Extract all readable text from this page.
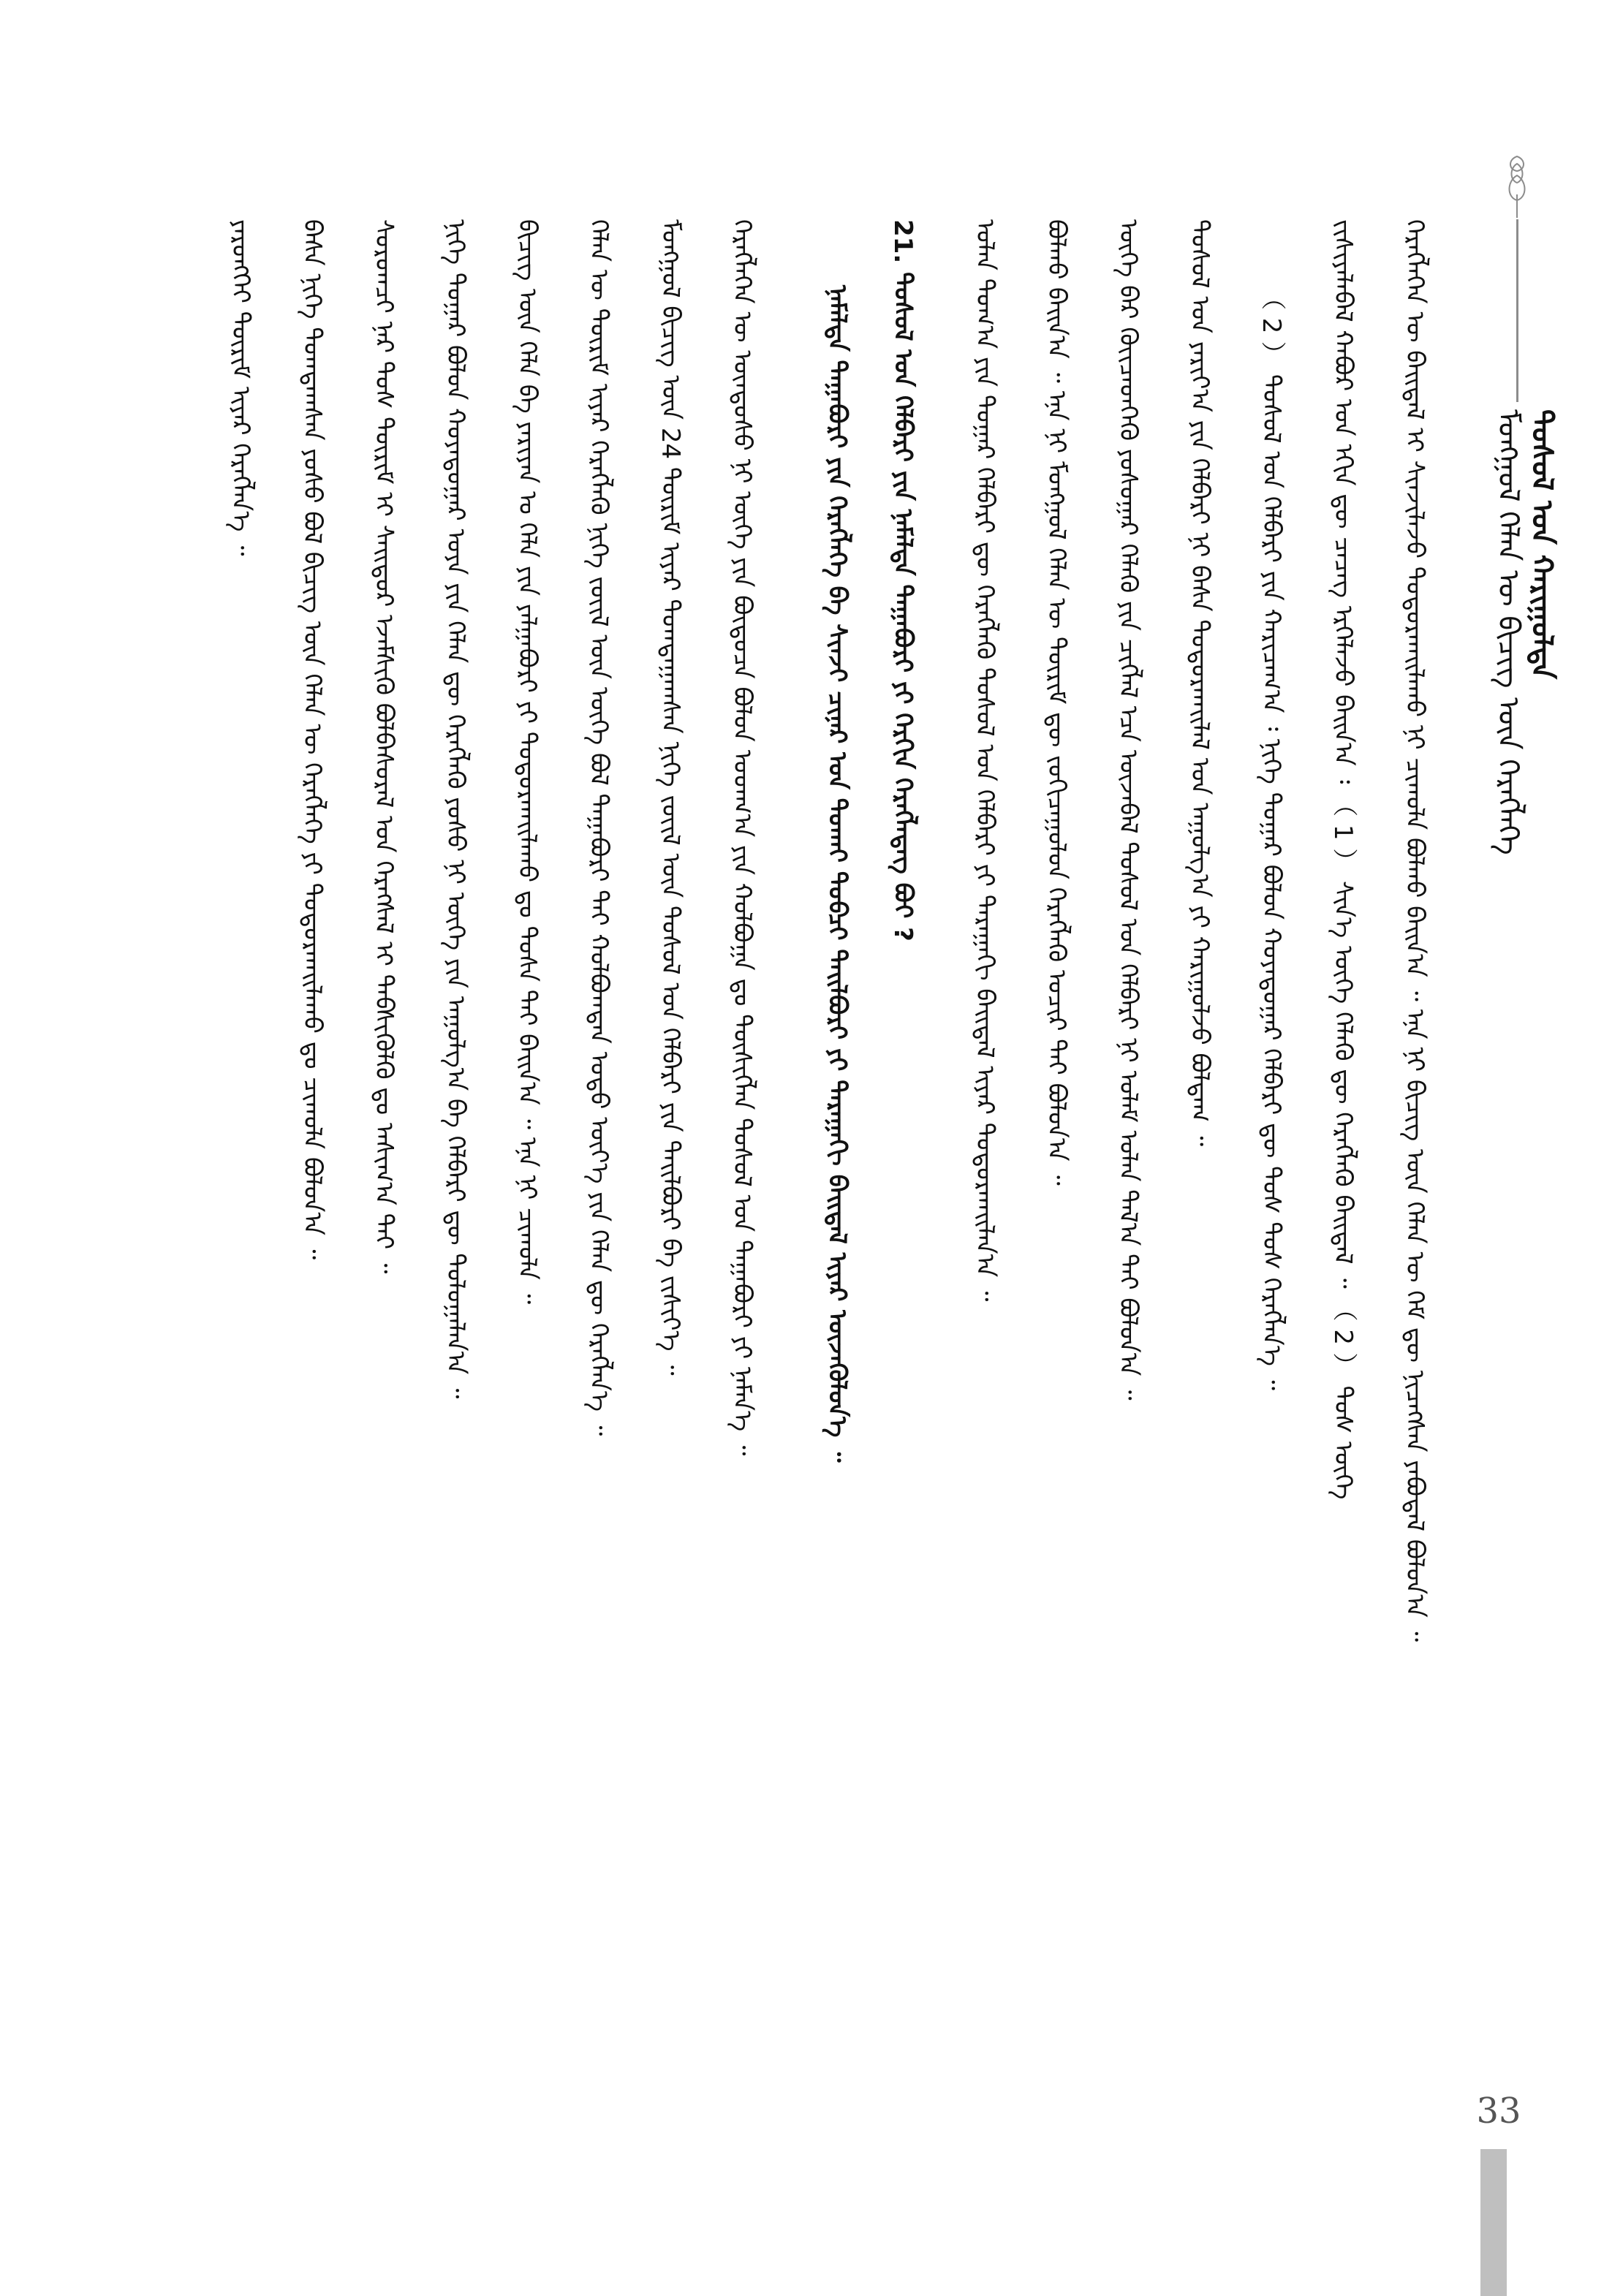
ᠮᠣᠩᠭᠣᠯ ᠬᠡᠯᠡᠨ ᠦ ᠪᠢᠴᠢᠭ ᠦᠨ ᠬᠡᠷᠡᠭᠯᠡᠭᠡ ᠳᠤᠰᠤᠯ ᠤᠨ ᠬᠠᠷᠢᠭᠤᠯᠲᠠ
ᠬᠡᠷᠡᠭᠯᠡᠭᠡᠨ ᠦ ᠪᠠᠢᠳᠠᠯ ᠢ ᠰᠢᠨᠵᠢᠯᠡᠵᠦ ᠲᠣᠳᠣᠷᠬᠠᠢᠯᠠᠬᠤ ᠨᠢ ᠴᠢᠬᠤᠯᠠ ᠪᠣᠯᠬᠤ ᠪᠠᠢᠨ᠎ᠠ ᠃ ᠡᠨᠡ ᠨᠢ ᠪᠢᠴᠢᠭ ᠦᠨ ᠬᠡᠯᠡᠨ ᠦ ᠬᠡᠮ ᠳᠦ ᠨᠢᠴᠡᠭᠰᠡᠨ ᠶᠠᠪᠤᠳᠠᠯ ᠪᠣᠯᠤᠨ᠎ᠠ ᠃
ᠵᠢᠱᠢᠶᠡᠯᠡᠪᠡᠯ ᠬᠠᠪᠤᠷ ᠤᠨ ᠡᠬᠢᠨ ᠳᠦ ᠴᠡᠴᠡᠭ ᠡᠷᠬᠡᠯᠡᠵᠦ ᠪᠠᠢᠨ᠎ᠠ ᠄ （ 1 ） ᠰᠢᠨ᠎ᠡ ᠦᠭᠡ ᠬᠡᠯᠡᠬᠦ ᠳᠦ ᠬᠡᠷᠡᠭᠯᠡᠬᠦ ᠪᠠᠢᠳᠠᠯ ᠃ （ 2 ） ᠲᠤᠰ ᠦᠭᠡ
（ 2 ） ᠳᠤᠰᠤᠯ ᠤᠨ ᠬᠡᠯᠪᠡᠷᠢ ᠶᠢᠨ ᠬᠠᠷᠢᠴᠠᠭ᠎ᠠ ᠄ ᠨᠢᠭᠡ ᠳᠤᠭᠠᠷ ᠪᠣᠯᠤᠨ ᠬᠣᠶᠠᠳᠤᠭᠠᠷ ᠬᠡᠯᠪᠡᠷᠢ ᠳᠦ ᠲᠤᠰ ᠲᠤᠰ ᠬᠡᠷᠡᠭᠯᠡᠨ᠎ᠡ ᠃
ᠳᠤᠰᠤᠯ ᠤᠨ ᠶᠠᠷᠢᠶ᠎ᠠ ᠶᠢᠨ ᠬᠡᠯᠪᠡᠷᠢ ᠨᠢ ᠪᠠᠰᠠ ᠲᠣᠳᠣᠷᠬᠠᠢᠯᠠᠯ ᠤᠨ ᠠᠭᠤᠯᠭ᠎ᠠ ᠶᠢ ᠬᠠᠷᠢᠭᠤᠯᠵᠤ ᠪᠣᠯᠳᠠᠭ ᠃
ᠦᠭᠡ ᠪᠠᠷ ᠭᠦᠢᠴᠡᠳᠬᠡᠬᠦ ᠶᠣᠰᠤᠭᠠᠷ ᠬᠡᠯᠡᠬᠦ ᠶᠢᠨ ᠴᠢᠭᠯᠡᠯ ᠡᠴᠡ ᠦᠵᠡᠪᠡᠯ ᠳᠤᠰᠤᠯ ᠤᠨ ᠬᠡᠯᠪᠡᠷᠢ ᠨᠢ ᠤᠯᠠᠮ ᠣᠯᠠᠨ ᠲᠠᠯ᠎ᠠ ᠲᠠᠢ ᠪᠣᠯᠤᠨ᠎ᠠ ᠃
ᠪᠣᠯᠬᠤ ᠪᠠᠢᠨ᠎ᠠ ᠃ ᠡᠨᠡ ᠨᠢ ᠮᠣᠩᠭᠣᠯ ᠬᠡᠯᠡᠨ ᠦ ᠳᠦᠷᠢᠮ ᠳᠦ ᠵᠣᠬᠢᠴᠠᠭᠤᠯᠤᠨ ᠬᠡᠷᠡᠭᠯᠡᠬᠦ ᠤᠴᠢᠷ ᠲᠠᠢ ᠪᠣᠯᠤᠨ᠎ᠠ ᠃
ᠣᠯᠠᠨ ᠲᠣᠭ᠎ᠠ ᠶᠢᠨ ᠳᠤᠭᠠᠷ ᠬᠡᠯᠪᠡᠷᠢ ᠳᠦ ᠬᠡᠷᠡᠭᠯᠡᠬᠦ ᠳᠤᠰᠤᠯ ᠤᠨ ᠬᠡᠯᠪᠡᠷᠢ ᠶᠢ ᠳᠠᠷᠠᠭᠠᠬᠢ ᠪᠠᠢᠳᠠᠯ ᠢᠶᠠᠷ ᠲᠣᠳᠣᠷᠬᠠᠢᠯᠠᠨ᠎ᠠ ᠃
21. ᠳᠤᠰᠤᠯ ᠤᠨ ᠬᠡᠯᠪᠡᠷᠢ ᠶᠢᠨ ᠨᠡᠮᠡᠯᠲᠡ ᠳᠠᠭᠠᠪᠤᠷᠢ ᠶᠢ ᠬᠡᠷᠬᠢᠨ ᠬᠡᠷᠡᠭᠯᠡᠳᠡᠭ ᠪᠤᠢ ?
ᠨᠡᠮᠡᠯᠲᠡ ᠳᠠᠭᠠᠪᠤᠷᠢ ᠶᠢᠨ ᠬᠡᠷᠡᠭᠯᠡᠭᠡ ᠪᠠ ᠰᠢᠨᠵᠢ ᠴᠢᠨᠠᠷ ᠤᠨ ᠲᠤᠬᠠᠢ ᠲᠣᠪᠴᠢ ᠲᠠᠢᠯᠪᠤᠷᠢ ᠶᠢ ᠳᠠᠷᠠᠭᠠᠬᠢ ᠪᠠᠢᠳᠠᠯ ᠢᠶᠠᠷ ᠦᠵᠡᠬᠦᠯᠦᠨ᠎ᠡ ᠃
ᠬᠡᠷᠡᠭᠯᠡᠭᠡᠨ ᠦ ᠦᠨᠳᠦᠰᠦ ᠨᠢ ᠦᠭᠡ ᠶᠢᠨ ᠪᠦᠲᠦᠴᠡ ᠪᠣᠯᠤᠨ ᠤᠳᠬ᠎ᠠ ᠶᠢᠨ ᠬᠣᠯᠪᠣᠭᠠ ᠳᠤ ᠲᠦᠰᠢᠭᠯᠡᠨ ᠳᠤᠰᠤᠯ ᠤᠨ ᠳᠠᠭᠠᠪᠤᠷᠢ ᠶᠢ ᠨᠡᠮᠡᠨ᠎ᠡ ᠃
ᠮᠣᠩᠭᠣᠯ ᠪᠢᠴᠢᠭ ᠦᠨ 24 ᠳᠦᠷᠢᠮ ᠢᠶᠠᠷ ᠲᠣᠭᠲᠠᠭᠠᠭᠰᠠᠨ ᠨᠢᠭᠡ ᠵᠦᠢᠯ ᠦᠨ ᠳᠤᠰᠤᠯ ᠤᠨ ᠬᠡᠯᠪᠡᠷᠢ ᠶᠢᠨ ᠲᠠᠢᠯᠪᠤᠷᠢ ᠪᠠ ᠵᠢᠱᠢᠶ᠎ᠡ ᠃
ᠬᠡᠯᠡᠨ ᠦ ᠳᠦᠷᠢᠮ ᠢᠶᠠᠷ ᠬᠡᠷᠡᠭᠯᠡᠬᠦ ᠨᠢᠭᠡ ᠵᠦᠢᠯ ᠦᠨ ᠦᠭᠡ ᠪᠣᠯ ᠳᠠᠭᠠᠪᠤᠷᠢ ᠲᠠᠢ ᠬᠣᠯᠪᠣᠭᠳᠠᠨ ᠣᠳᠣ ᠦᠶ᠎ᠡ ᠶᠢᠨ ᠬᠡᠯᠡᠨ ᠳᠦ ᠬᠡᠷᠡᠭᠯᠡᠨ᠎ᠡ ᠃
ᠪᠢᠴᠢᠭ ᠦᠨ ᠬᠡᠯᠡ ᠪᠠ ᠶᠠᠷᠢᠶᠠᠨ ᠤ ᠬᠡᠯᠡ ᠶᠢᠨ ᠶᠠᠯᠭᠠᠪᠤᠷᠢ ᠶᠢ ᠲᠣᠳᠣᠷᠬᠠᠢᠯᠠᠬᠤ ᠳᠤ ᠲᠤᠰᠠ ᠲᠠᠢ ᠪᠠᠢᠨ᠎ᠠ ᠃ ᠡᠨᠡ ᠨᠢ ᠴᠢᠬᠤᠯᠠ ᠃
ᠨᠢᠭᠡ ᠳᠤᠭᠠᠷ ᠪᠣᠯᠤᠨ ᠬᠣᠶᠠᠳᠤᠭᠠᠷ ᠤᠶᠡ ᠶᠢᠨ ᠬᠡᠯᠡᠨ ᠳᠦ ᠬᠡᠷᠡᠭᠯᠡᠬᠦ ᠶᠣᠰᠣ ᠨᠢ ᠦᠭᠡ ᠶᠢᠨ ᠠᠭᠤᠯᠭ᠎ᠠ ᠪᠠ ᠬᠡᠯᠪᠡᠷᠢ ᠳᠦ ᠲᠣᠯᠤᠭᠠᠯᠠᠨ᠎ᠠ ᠃
ᠰᠤᠷᠤᠭᠴᠢ ᠨᠠᠷ ᠲᠤᠰ ᠳᠦᠷᠢᠮ ᠢ ᠰᠠᠢᠲᠤᠷ ᠡᠵᠡᠮᠰᠢᠬᠦ ᠪᠣᠯᠪᠠᠰᠤᠷᠠᠯ ᠤᠨ ᠬᠡᠷᠡᠭᠰᠡᠯ ᠢ ᠳᠡᠪᠰᠢᠭᠦᠯᠬᠦ ᠳᠤ ᠠᠰᠢᠭ᠎ᠠ ᠲᠠᠢ ᠃
ᠪᠠᠰᠠ ᠨᠢᠭᠡ ᠲᠣᠭᠲᠠᠭᠰᠠᠨ ᠶᠣᠰᠣ ᠪᠣᠯ ᠪᠢᠴᠢᠭ ᠦᠨ ᠬᠡᠯᠡᠨ ᠦ ᠬᠡᠷᠡᠭᠯᠡᠭᠡ ᠶᠢ ᠲᠣᠳᠣᠷᠬᠠᠢᠯᠠᠬᠤ ᠳᠤ ᠴᠢᠬᠤᠯᠠ ᠪᠣᠯᠤᠨ᠎ᠠ ᠃
ᠶᠡᠷᠦᠩᠬᠡᠢ ᠳᠦᠷᠢᠮ ᠢᠶᠠᠷ ᠬᠡᠷᠡᠭᠯᠡᠨ᠎ᠡ ᠃
33
